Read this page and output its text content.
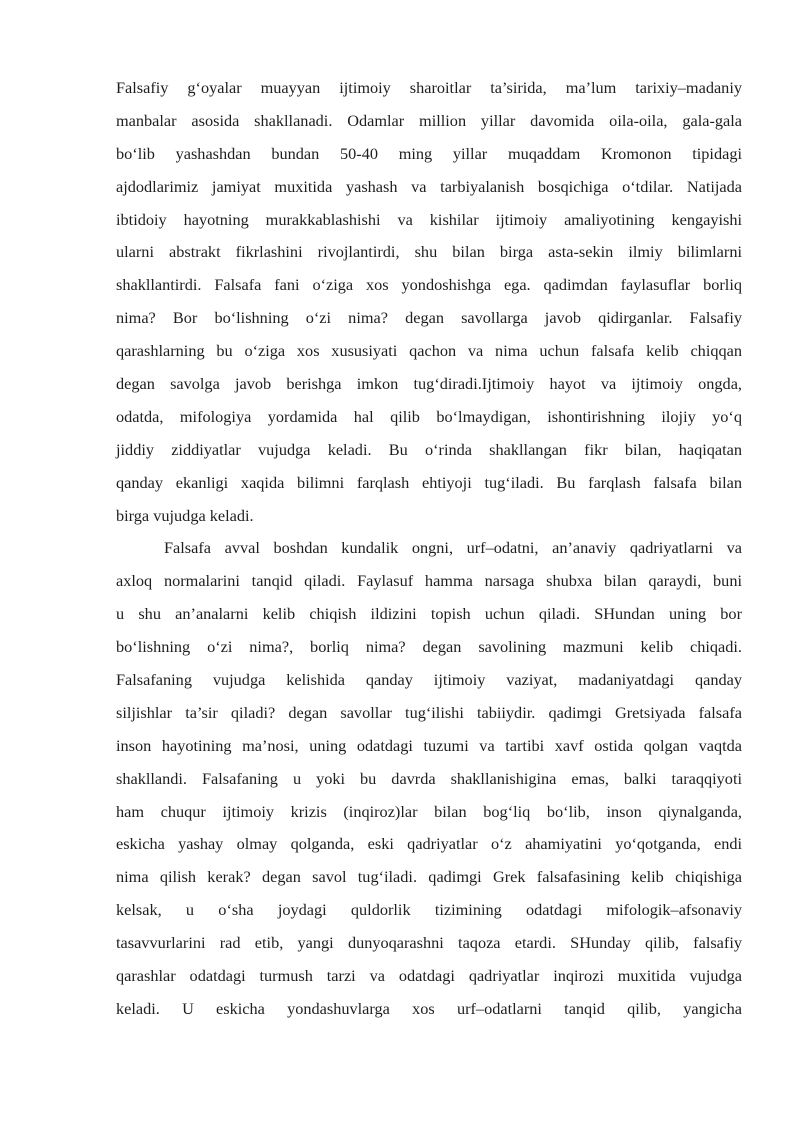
Falsafiy g‘oyalar muayyan ijtimoiy sharoitlar ta’sirida, ma’lum tarixiy–madaniy
manbalar asosida shakllanadi. Odamlar million yillar davomida oila-oila, gala-gala
bo‘lib yashashdan bundan 50-40 ming yillar muqaddam Kromonon tipidagi
ajdodlarimiz jamiyat muxitida yashash va tarbiyalanish bosqichiga o‘tdilar. Natijada
ibtidoiy hayotning murakkablashishi va kishilar ijtimoiy amaliyotining kengayishi
ularni abstrakt fikrlashini rivojlantirdi, shu bilan birga asta-sekin ilmiy bilimlarni
shakllantirdi. Falsafa fani o‘ziga xos yondoshishga ega. qadimdan faylasuflar borliq
nima? Bor bo‘lishning o‘zi nima? degan savollarga javob qidirganlar. Falsafiy
qarashlarning bu o‘ziga xos xususiyati qachon va nima uchun falsafa kelib chiqqan
degan savolga javob berishga imkon tug‘diradi.Ijtimoiy hayot va ijtimoiy ongda,
odatda, mifologiya yordamida hal qilib bo‘lmaydigan, ishontirishning ilojiy yo‘q
jiddiy ziddiyatlar vujudga keladi. Bu o‘rinda shakllangan fikr bilan, haqiqatan
qanday ekanligi xaqida bilimni farqlash ehtiyoji tug‘iladi. Bu farqlash falsafa bilan
birga vujudga keladi.
Falsafa avval boshdan kundalik ongni, urf–odatni, an’anaviy qadriyatlarni va
axloq normalarini tanqid qiladi. Faylasuf hamma narsaga shubxa bilan qaraydi, buni
u shu an’analarni kelib chiqish ildizini topish uchun qiladi. SHundan uning bor
bo‘lishning o‘zi nima?, borliq nima? degan savolining mazmuni kelib chiqadi.
Falsafaning vujudga kelishida qanday ijtimoiy vaziyat, madaniyatdagi qanday
siljishlar ta’sir qiladi? degan savollar tug‘ilishi tabiiydir. qadimgi Gretsiyada falsafa
inson hayotining ma’nosi, uning odatdagi tuzumi va tartibi xavf ostida qolgan vaqtda
shakllandi. Falsafaning u yoki bu davrda shakllanishigina emas, balki taraqqiyoti
ham chuqur ijtimoiy krizis (inqiroz)lar bilan bog‘liq bo‘lib, inson qiynalganda,
eskicha yashay olmay qolganda, eski qadriyatlar o‘z ahamiyatini yo‘qotganda, endi
nima qilish kerak? degan savol tug‘iladi. qadimgi Grek falsafasining kelib chiqishiga
kelsak, u o‘sha joydagi quldorlik tizimining odatdagi mifologik–afsonaviy
tasavvurlarini rad etib, yangi dunyoqarashni taqoza etardi. SHunday qilib, falsafiy
qarashlar odatdagi turmush tarzi va odatdagi qadriyatlar inqirozi muxitida vujudga
keladi. U eskicha yondashuvlarga xos urf–odatlarni tanqid qilib, yangicha
